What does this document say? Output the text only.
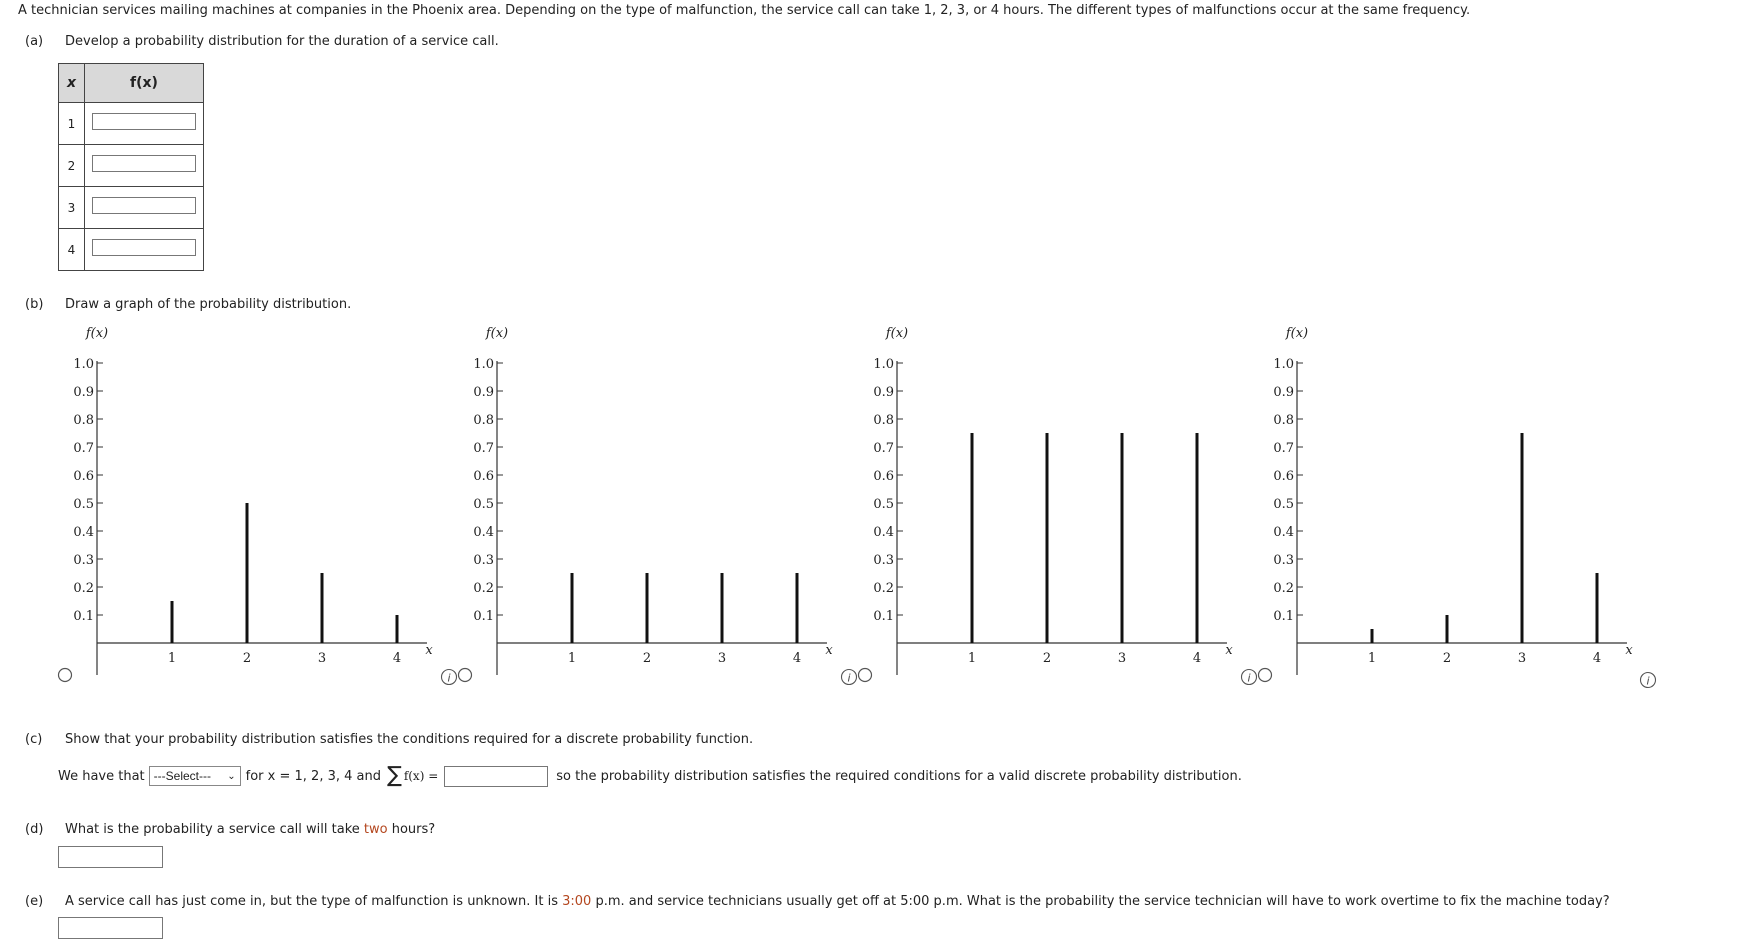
A technician services mailing machines at companies in the Phoenix area. Depending on the type of malfunction, the service call can take 1, 2, 3, or 4 hours. The different types of malfunctions occur at the same frequency.
(a) Develop a probability distribution for the duration of a service call.
x	f(x)
1	
2	
3	
4	
(b) Draw a graph of the probability distribution.
f(x)
0.1
0.2
0.3
0.4
0.5
0.6
0.7
0.8
0.9
1.0
1	2	3	4
x
f(x)
0.1
0.2
0.3
0.4
0.5
0.6
0.7
0.8
0.9
1.0
1	2	3	4
x
i
f(x)
0.1
0.2
0.3
0.4
0.5
0.6
0.7
0.8
0.9
1.0
1	2	3	4
x
i
f(x)
0.1
0.2
0.3
0.4
0.5
0.6
0.7
0.8
0.9
1.0
1	2	3	4
x
i	i
(c) Show that your probability distribution satisfies the conditions required for a discrete probability function.
We have that ---Select--- ⌄ for x = 1, 2, 3, 4 and ∑ f(x) =	so the probability distribution satisfies the required conditions for a valid discrete probability distribution.
(d) What is the probability a service call will take two hours?
(e) A service call has just come in, but the type of malfunction is unknown. It is 3:00 p.m. and service technicians usually get off at 5:00 p.m. What is the probability the service technician will have to work overtime to fix the machine today?
